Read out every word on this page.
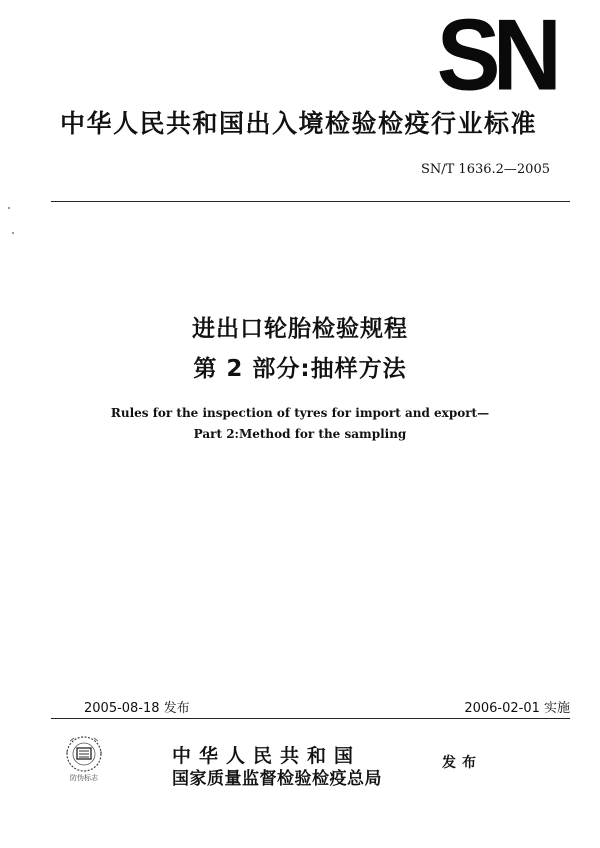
SN
中华人民共和国出入境检验检疫行业标准
SN/T 1636.2—2005
进出口轮胎检验规程
第 2 部分:抽样方法
Rules for the inspection of tyres for import and export—
Part 2:Method for the sampling
2005-08-18 发布	2006-02-01 实施
防伪标志
中华人民共和国
国家质量监督检验检疫总局
发布
